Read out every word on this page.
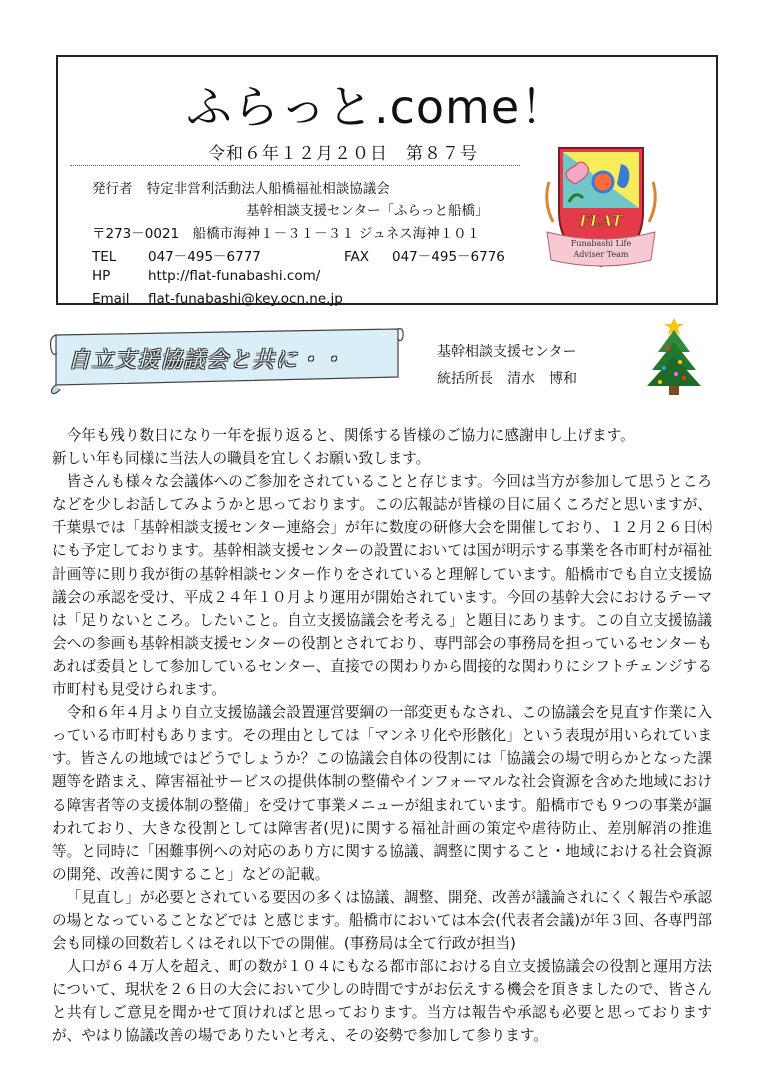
ふらっと.come！
令和６年１２月２０日　第８７号
発行者 特定非営利活動法人船橋福祉相談協議会
基幹相談支援センター「ふらっと船橋」
〒273－0021　船橋市海神１－３１－３１ ジュネス海神１０１
TEL 047－495－6777	FAX 047－495－6776
HP	http://flat-funabashi.com/
Email flat-funabashi@key.ocn.ne.jp
FLAT
Funabashi Life
Adviser Team
自立支援協議会と共に・・	基幹相談支援センター
統括所長　清水　博和

今年も残り数日になり一年を振り返ると、関係する皆様のご協力に感謝申し上げます。

新しい年も同様に当法人の職員を宜しくお願い致します。

皆さんも様々な会議体へのご参加をされていることと存じます。今回は当方が参加して思うところなどを少しお話してみようかと思っております。この広報誌が皆様の目に届くころだと思いますが、千葉県では「基幹相談支援センター連絡会」が年に数度の研修大会を開催しており、１２月２６日㈭にも予定しております。基幹相談支援センターの設置においては国が明示する事業を各市町村が福祉計画等に則り我が街の基幹相談センター作りをされていると理解しています。船橋市でも自立支援協議会の承認を受け、平成２４年１０月より運用が開始されています。今回の基幹大会におけるテーマは「足りないところ。したいこと。自立支援協議会を考える」と題目にあります。この自立支援協議会への参画も基幹相談支援センターの役割とされており、専門部会の事務局を担っているセンターもあれば委員として参加しているセンター、直接での関わりから間接的な関わりにシフトチェンジする市町村も見受けられます。

令和６年４月より自立支援協議会設置運営要綱の一部変更もなされ、この協議会を見直す作業に入っている市町村もあります。その理由としては「マンネリ化や形骸化」という表現が用いられています。皆さんの地域ではどうでしょうか？この協議会自体の役割には「協議会の場で明らかとなった課題等を踏まえ、障害福祉サービスの提供体制の整備やインフォーマルな社会資源を含めた地域における障害者等の支援体制の整備」を受けて事業メニューが組まれています。船橋市でも９つの事業が謳われており、大きな役割としては障害者(児)に関する福祉計画の策定や虐待防止、差別解消の推進等。と同時に「困難事例への対応のあり方に関する協議、調整に関すること・地域における社会資源の開発、改善に関すること」などの記載。

「見直し」が必要とされている要因の多くは協議、調整、開発、改善が議論されにくく報告や承認の場となっていることなどでは と感じます。船橋市においては本会(代表者会議)が年３回、各専門部会も同様の回数若しくはそれ以下での開催。(事務局は全て行政が担当)

人口が６４万人を超え、町の数が１０４にもなる都市部における自立支援協議会の役割と運用方法について、現状を２６日の大会において少しの時間ですがお伝えする機会を頂きましたので、皆さんと共有しご意見を聞かせて頂ければと思っております。当方は報告や承認も必要と思っておりますが、やはり協議改善の場でありたいと考え、その姿勢で参加して参ります。
